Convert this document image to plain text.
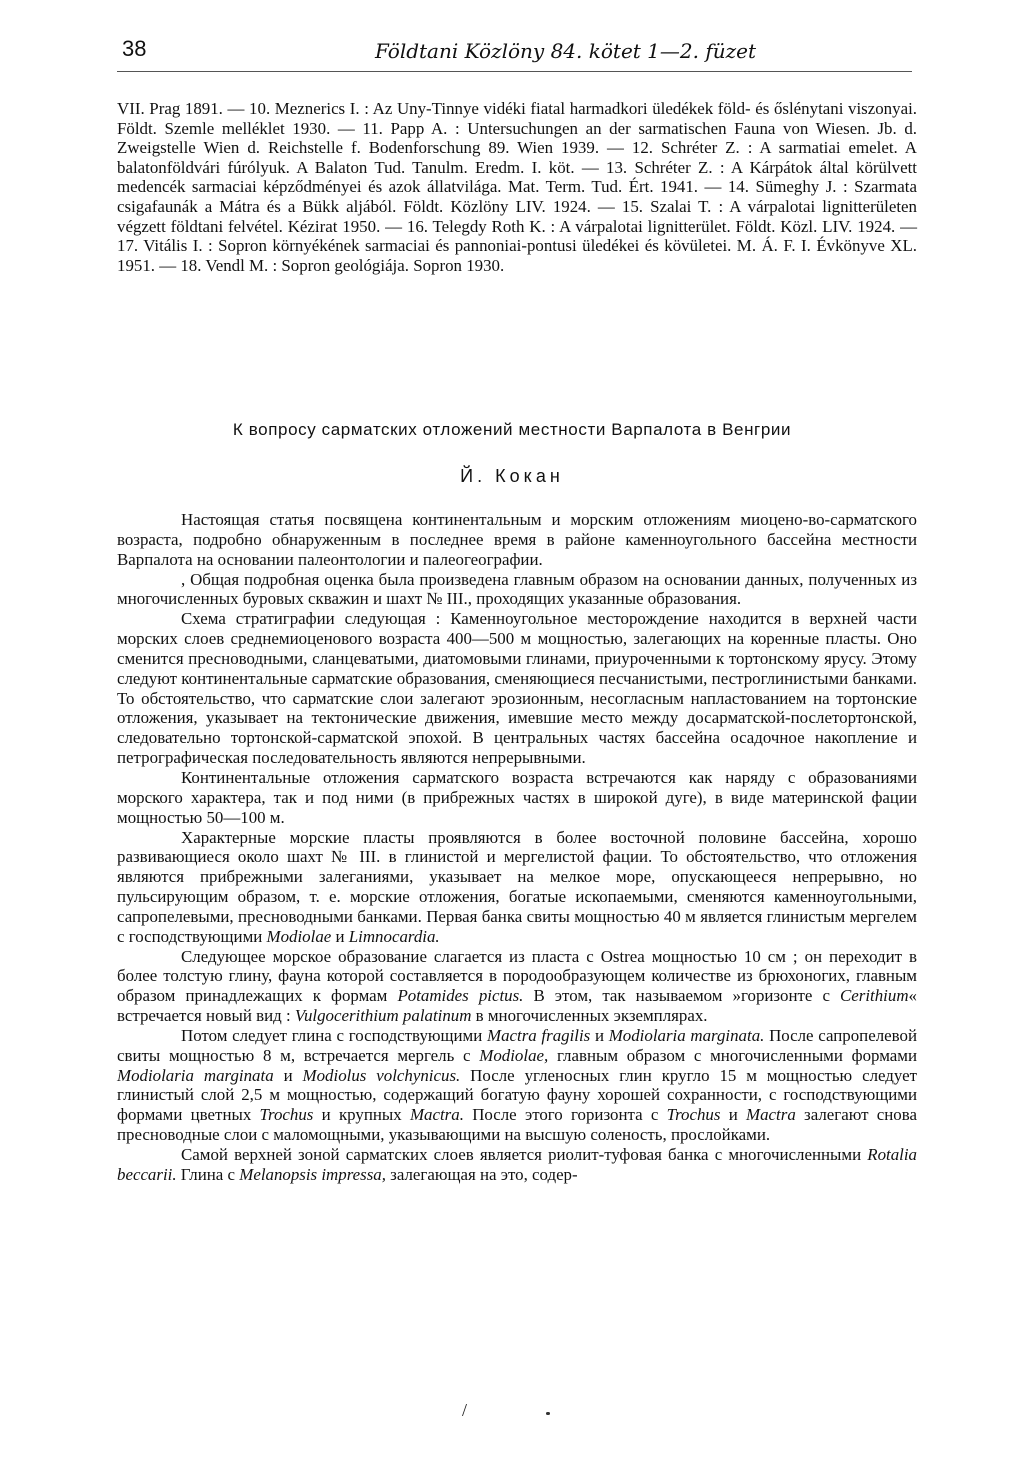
38	Földtani Közlöny 84. kötet 1—2. füzet

VII. Prag 1891. — 10. Meznerics I. : Az Uny-Tinnye vidéki fiatal harmadkori üledékek föld- és őslénytani viszonyai. Földt. Szemle melléklet 1930. — 11. Papp A. : Untersuchungen an der sarmatischen Fauna von Wiesen. Jb. d. Zweigstelle Wien d. Reichstelle f. Bodenforschung 89. Wien 1939. — 12. Schréter Z. : A sarmatiai emelet. A balatonföldvári fúrólyuk. A Balaton Tud. Tanulm. Eredm. I. köt. — 13. Schréter Z. : A Kárpátok által körülvett medencék sarmaciai képződményei és azok állatvilága. Mat. Term. Tud. Ért. 1941. — 14. Sümeghy J. : Szarmata csigafaunák a Mátra és a Bükk aljából. Földt. Közlöny LIV. 1924. — 15. Szalai T. : A várpalotai lignitterületen végzett földtani felvétel. Kézirat 1950. — 16. Telegdy Roth K. : A várpalotai lignitterület. Földt. Közl. LIV. 1924. — 17. Vitális I. : Sopron környékének sarmaciai és pannoniai-pontusi üledékei és kövületei. M. Á. F. I. Évkönyve XL. 1951. — 18. Vendl M. : Sopron geológiája. Sopron 1930.

К вопросу сарматских отложений местности Варпалота в Венгрии
Й. Кокан

Настоящая статья посвящена континентальным и морским отложениям миоцено-во-сарматского возраста, подробно обнаруженным в последнее время в районе каменноугольного бассейна местности Варпалота на основании палеонтологии и палеогеографии.

, Общая подробная оценка была произведена главным образом на основании данных, полученных из многочисленных буровых скважин и шахт № III., проходящих указанные образования.

Схема стратиграфии следующая : Каменноугольное месторождение находится в верхней части морских слоев среднемиоценового возраста 400—500 м мощностью, залегающих на коренные пласты. Оно сменится пресноводными, сланцеватыми, диатомовыми глинами, приуроченными к тортонскому ярусу. Этому следуют континентальные сарматские образования, сменяющиеся песчанистыми, пестроглинистыми банками. То обстоятельство, что сарматские слои залегают эрозионным, несогласным напластованием на тортонские отложения, указывает на тектонические движения, имевшие место между досарматской-послетортонской, следовательно тортонской-сарматской эпохой. В центральных частях бассейна осадочное накопление и петрографическая последовательность являются непрерывными.

Континентальные отложения сарматского возраста встречаются как наряду с образованиями морского характера, так и под ними (в прибрежных частях в широкой дуге), в виде материнской фации мощностью 50—100 м.

Характерные морские пласты проявляются в более восточной половине бассейна, хорошо развивающиеся около шахт № III. в глинистой и мергелистой фации. То обстоятельство, что отложения являются прибрежными залеганиями, указывает на мелкое море, опускающееся непрерывно, но пульсирующим образом, т. е. морские отложения, богатые ископаемыми, сменяются каменноугольными, сапропелевыми, пресноводными банками. Первая банка свиты мощностью 40 м является глинистым мергелем с господствующими Modiolae и Limnocardia.

Следующее морское образование слагается из пласта с Ostrea мощностью 10 см ; он переходит в более толстую глину, фауна которой составляется в породообразующем количестве из брюхоногих, главным образом принадлежащих к формам Potamides pictus. В этом, так называемом »горизонте с Cerithium« встречается новый вид : Vulgocerithium palatinum в многочисленных экземплярах.

Потом следует глина с господствующими Mactra fragilis и Modiolaria marginata. После сапропелевой свиты мощностью 8 м, встречается мергель с Modiolae, главным образом с многочисленными формами Modiolaria marginata и Modiolus volchynicus. После угленосных глин кругло 15 м мощностью следует глинистый слой 2,5 м мощностью, содержащий богатую фауну хорошей сохранности, с господствующими формами цветных Trochus и крупных Mactra. После этого горизонта с Trochus и Mactra залегают снова пресноводные слои с маломощными, указывающими на высшую соленость, прослойками.

Самой верхней зоной сарматских слоев является риолит-туфовая банка с многочисленными Rotalia beccarii. Глина с Melanopsis impressa, залегающая на это, содер-

/
